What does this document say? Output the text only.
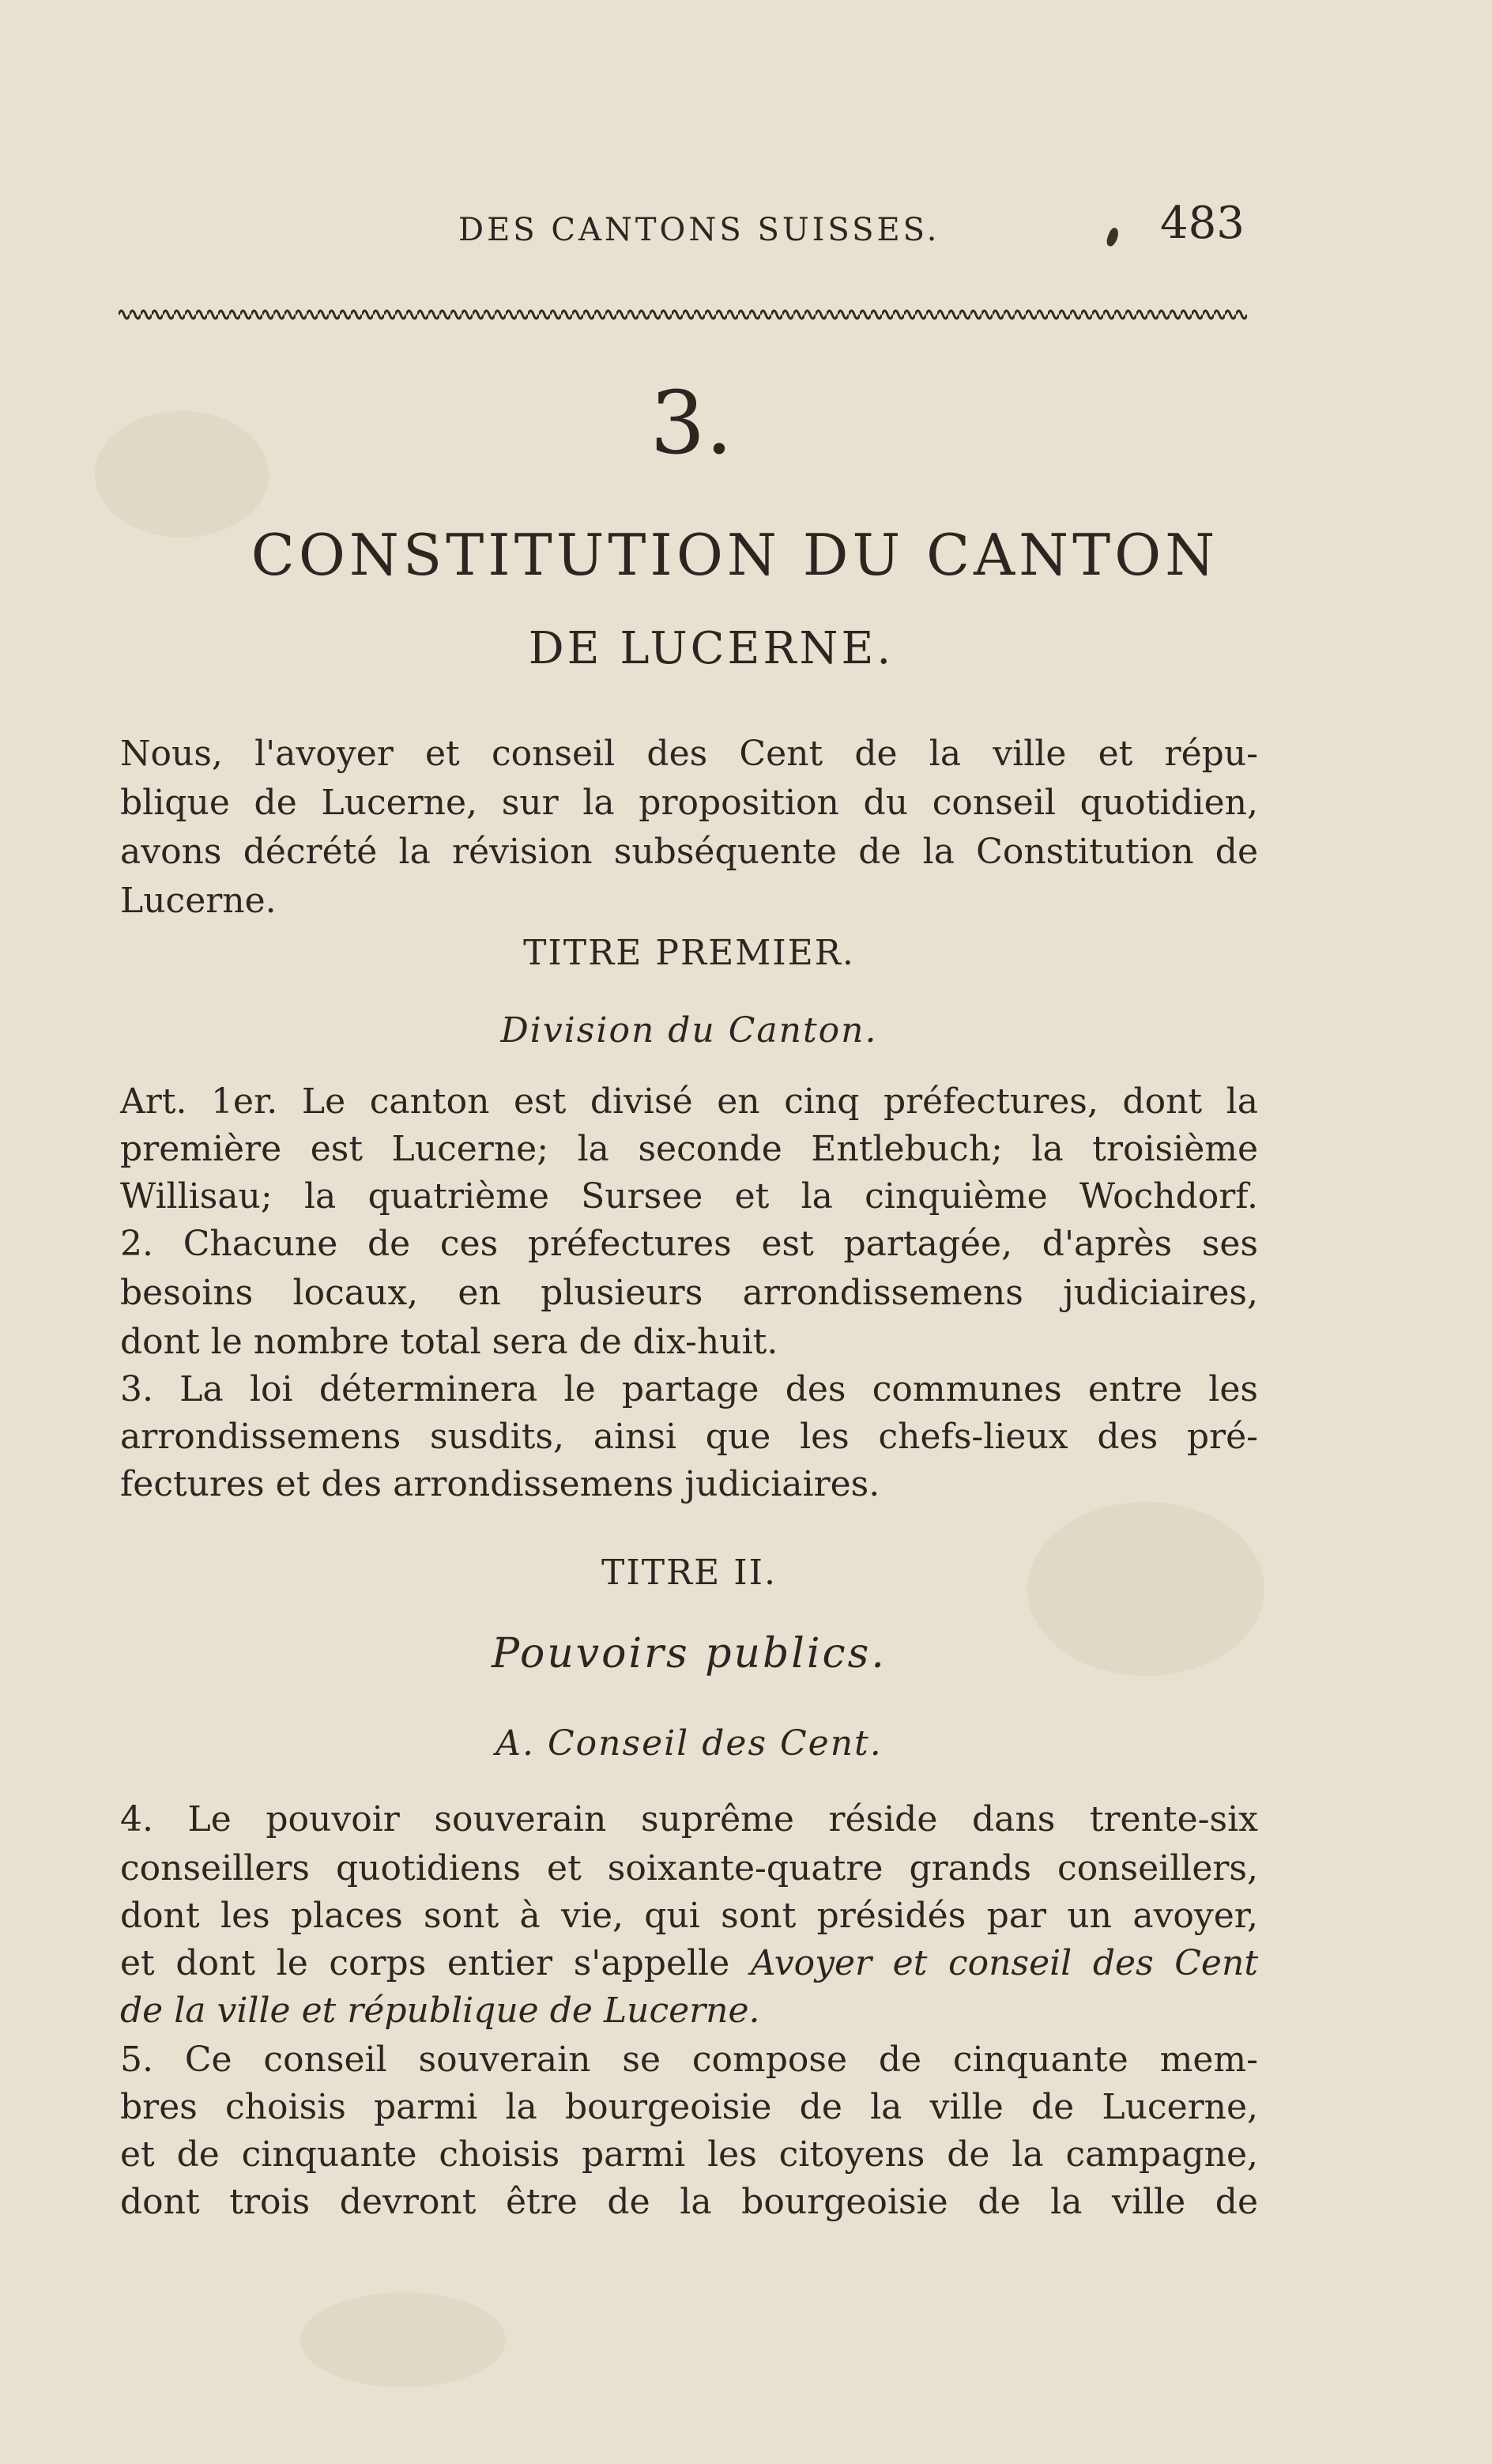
DES CANTONS SUISSES.	483
3.
CONSTITUTION DU CANTON
DE LUCERNE.
Nous, l'avoyer et conseil des Cent de la ville et répu-
blique de Lucerne, sur la proposition du conseil quotidien,
avons décrété la révision subséquente de la Constitution de
Lucerne.
TITRE PREMIER.
Division du Canton.
Art. 1er. Le canton est divisé en cinq préfectures, dont la
première est Lucerne; la seconde Entlebuch; la troisième
Willisau; la quatrième Sursee et la cinquième Wochdorf.
2. Chacune de ces préfectures est partagée, d'après ses
besoins locaux, en plusieurs arrondissemens judiciaires,
dont le nombre total sera de dix-huit.
3. La loi déterminera le partage des communes entre les
arrondissemens susdits, ainsi que les chefs-lieux des pré-
fectures et des arrondissemens judiciaires.
TITRE II.
Pouvoirs publics.
A. Conseil des Cent.
4. Le pouvoir souverain suprême réside dans trente-six
conseillers quotidiens et soixante-quatre grands conseillers,
dont les places sont à vie, qui sont présidés par un avoyer,
et dont le corps entier s'appelle Avoyer et conseil des Cent
de la ville et république de Lucerne.
5. Ce conseil souverain se compose de cinquante mem-
bres choisis parmi la bourgeoisie de la ville de Lucerne,
et de cinquante choisis parmi les citoyens de la campagne,
dont trois devront être de la bourgeoisie de la ville de
